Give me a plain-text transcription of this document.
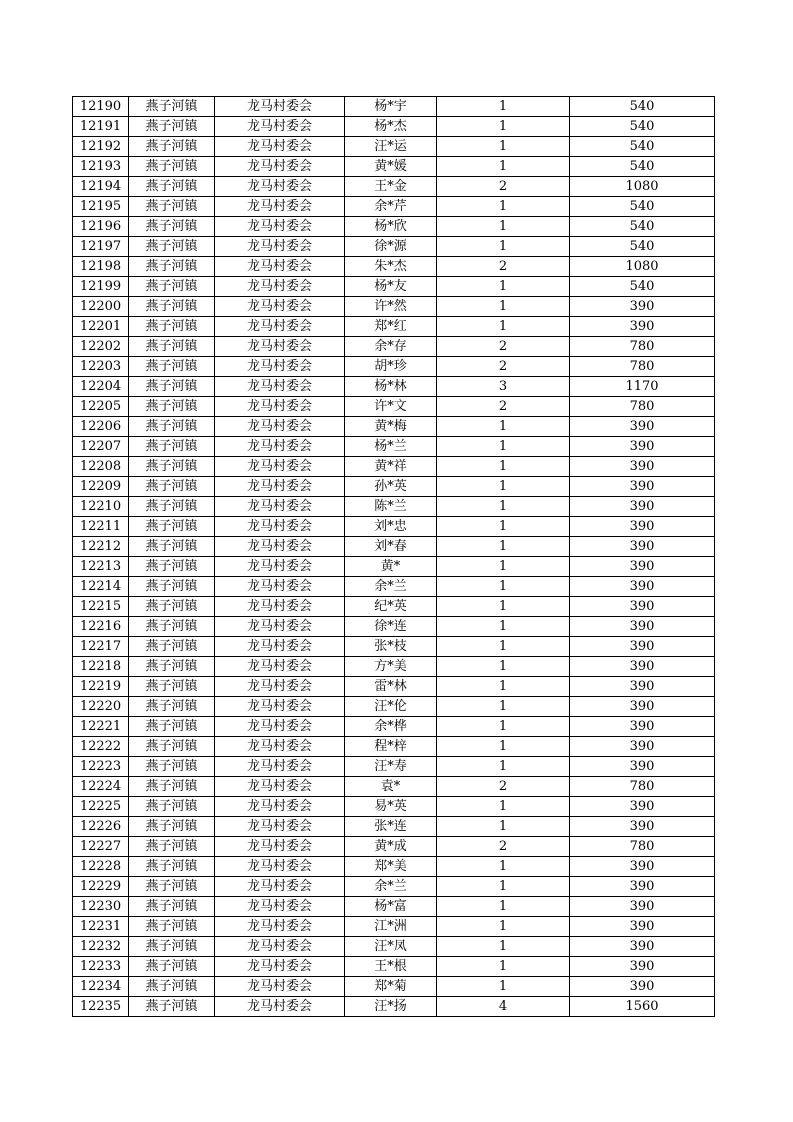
12190	燕子河镇	龙马村委会	杨*宇	1	540
12191	燕子河镇	龙马村委会	杨*杰	1	540
12192	燕子河镇	龙马村委会	汪*运	1	540
12193	燕子河镇	龙马村委会	黄*媛	1	540
12194	燕子河镇	龙马村委会	王*金	2	1080
12195	燕子河镇	龙马村委会	余*芹	1	540
12196	燕子河镇	龙马村委会	杨*欣	1	540
12197	燕子河镇	龙马村委会	徐*源	1	540
12198	燕子河镇	龙马村委会	朱*杰	2	1080
12199	燕子河镇	龙马村委会	杨*友	1	540
12200	燕子河镇	龙马村委会	许*然	1	390
12201	燕子河镇	龙马村委会	郑*红	1	390
12202	燕子河镇	龙马村委会	余*存	2	780
12203	燕子河镇	龙马村委会	胡*珍	2	780
12204	燕子河镇	龙马村委会	杨*林	3	1170
12205	燕子河镇	龙马村委会	许*文	2	780
12206	燕子河镇	龙马村委会	黄*梅	1	390
12207	燕子河镇	龙马村委会	杨*兰	1	390
12208	燕子河镇	龙马村委会	黄*祥	1	390
12209	燕子河镇	龙马村委会	孙*英	1	390
12210	燕子河镇	龙马村委会	陈*兰	1	390
12211	燕子河镇	龙马村委会	刘*忠	1	390
12212	燕子河镇	龙马村委会	刘*春	1	390
12213	燕子河镇	龙马村委会	黄*	1	390
12214	燕子河镇	龙马村委会	余*兰	1	390
12215	燕子河镇	龙马村委会	纪*英	1	390
12216	燕子河镇	龙马村委会	徐*连	1	390
12217	燕子河镇	龙马村委会	张*枝	1	390
12218	燕子河镇	龙马村委会	方*美	1	390
12219	燕子河镇	龙马村委会	雷*林	1	390
12220	燕子河镇	龙马村委会	汪*伦	1	390
12221	燕子河镇	龙马村委会	余*桦	1	390
12222	燕子河镇	龙马村委会	程*梓	1	390
12223	燕子河镇	龙马村委会	汪*寿	1	390
12224	燕子河镇	龙马村委会	袁*	2	780
12225	燕子河镇	龙马村委会	易*英	1	390
12226	燕子河镇	龙马村委会	张*连	1	390
12227	燕子河镇	龙马村委会	黄*成	2	780
12228	燕子河镇	龙马村委会	郑*美	1	390
12229	燕子河镇	龙马村委会	余*兰	1	390
12230	燕子河镇	龙马村委会	杨*富	1	390
12231	燕子河镇	龙马村委会	江*洲	1	390
12232	燕子河镇	龙马村委会	汪*凤	1	390
12233	燕子河镇	龙马村委会	王*根	1	390
12234	燕子河镇	龙马村委会	郑*菊	1	390
12235	燕子河镇	龙马村委会	汪*扬	4	1560
